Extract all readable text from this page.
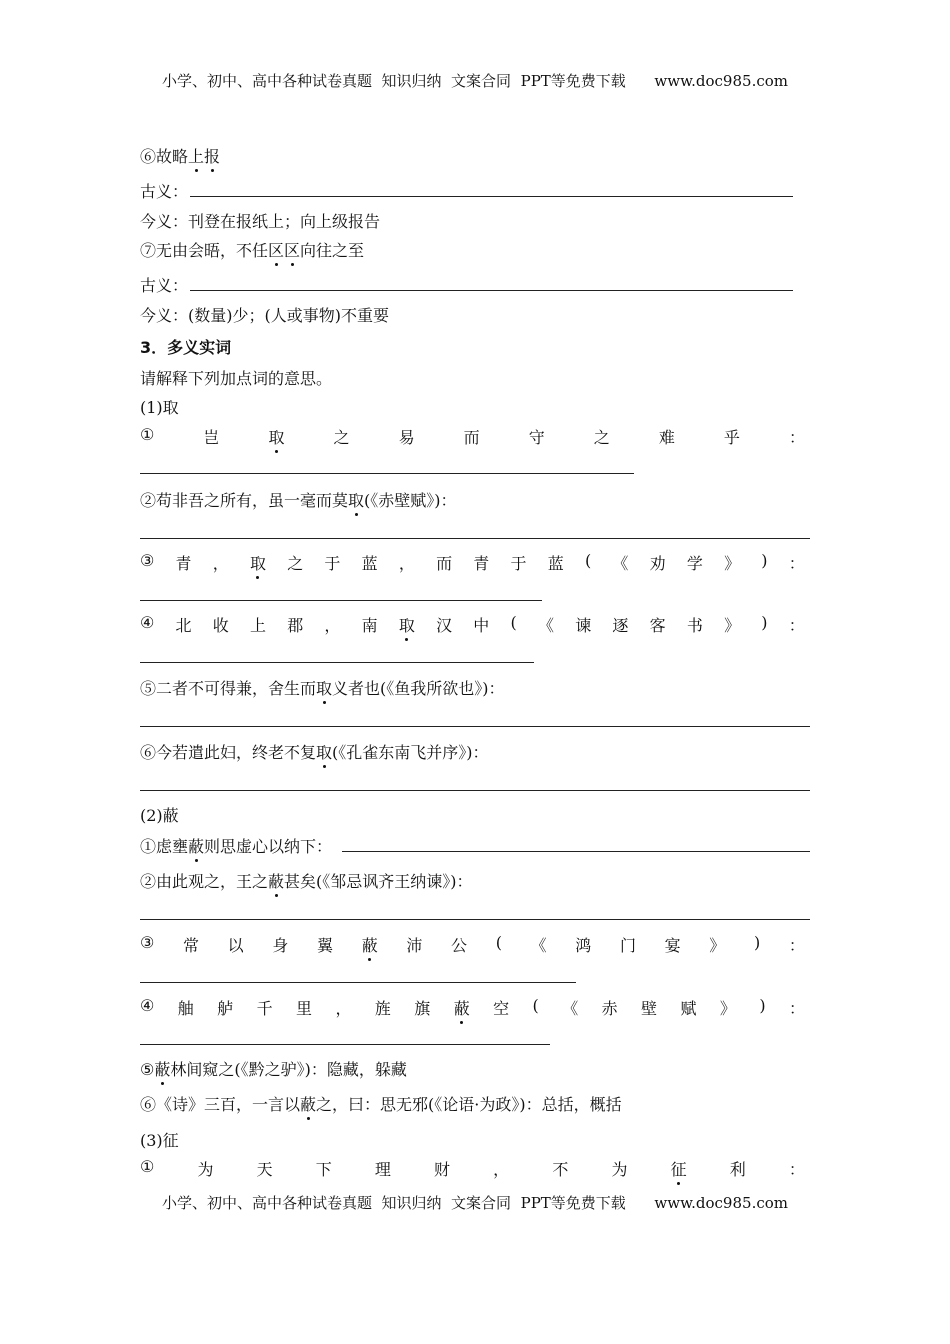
小学、初中、高中各种试卷真题  知识归纳  文案合同  PPT等免费下载      www.doc985.com
⑥故略上报
古义：
今义：刊登在报纸上；向上级报告
⑦无由会晤，不任区区向往之至
古义：
今义：(数量)少；(人或事物)不重要
3．多义实词
请解释下列加点词的意思。
(1)取
①	岂	取	之	易	而	守	之	难	乎	：
②苟非吾之所有，虽一毫而莫取(《赤壁赋》)：
③ 青 ， 取 之 于 蓝 ， 而 青 于 蓝 ( 《 劝 学 》 ) ：
④ 北 收 上 郡 ， 南 取 汉 中 ( 《 谏 逐 客 书 》 ) ：
⑤二者不可得兼，舍生而取义者也(《鱼我所欲也》)：
⑥今若遣此妇，终老不复取(《孔雀东南飞并序》)：
(2)蔽
①虑壅蔽则思虚心以纳下：
②由此观之，王之蔽甚矣(《邹忌讽齐王纳谏》)：
③ 常 以 身 翼 蔽 沛 公 ( 《 鸿 门 宴 》 ) ：
④ 舳 舻 千 里 ， 旌 旗 蔽 空 ( 《 赤 壁 赋 》 ) ：
⑤蔽林间窥之(《黔之驴》)：隐藏，躲藏
⑥《诗》三百，一言以蔽之，曰：思无邪(《论语·为政》)：总括，概括
(3)征
①	为	天	下	理	财	，	不	为	征	利	：
小学、初中、高中各种试卷真题  知识归纳  文案合同  PPT等免费下载      www.doc985.com
